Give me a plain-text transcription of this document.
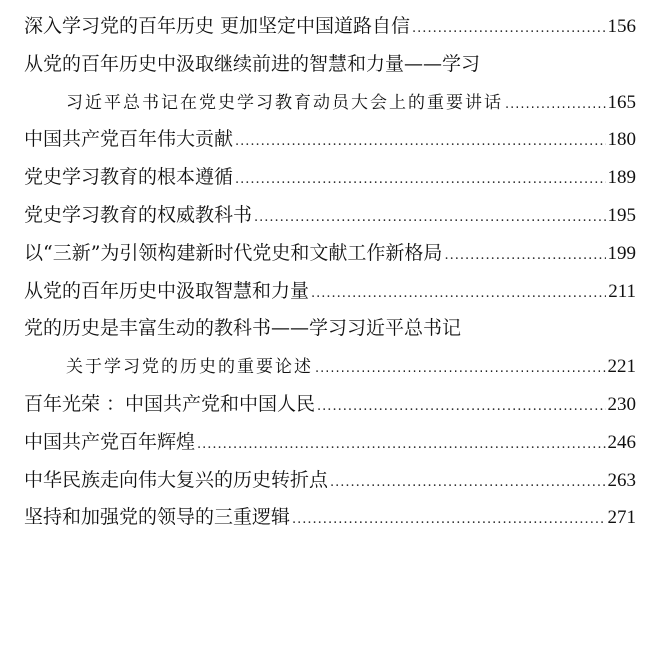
深入学习党的百年历史 更加坚定中国道路自信 .....	156
从党的百年历史中汲取继续前进的智慧和力量——学习
习近平总书记在党史学习教育动员大会上的重要讲话 .....	165
中国共产党百年伟大贡献 .....	180
党史学习教育的根本遵循 .....	189
党史学习教育的权威教科书 .....	195
以“三新”为引领构建新时代党史和文献工作新格局 .....	199
从党的百年历史中汲取智慧和力量 .....	211
党的历史是丰富生动的教科书——学习习近平总书记
关于学习党的历史的重要论述 .....	221
百年光荣 ：中国共产党和中国人民 .....	230
中国共产党百年辉煌 .....	246
中华民族走向伟大复兴的历史转折点 .....	263
坚持和加强党的领导的三重逻辑 .....	271
